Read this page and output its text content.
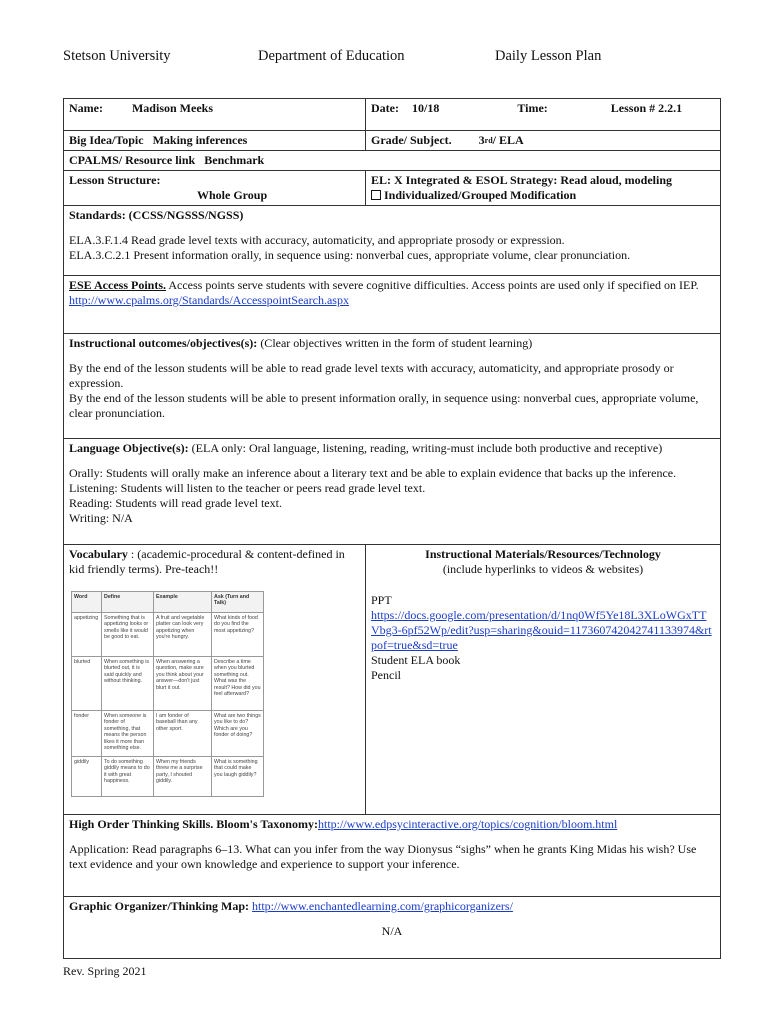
Stetson University	Department of Education	Daily Lesson Plan
Name: Madison Meeks	Date: 10/18	Time:	Lesson # 2.2.1
Big Idea/Topic Making inferences	Grade/ Subject. 3rd/ ELA
CPALMS/ Resource link Benchmark
Lesson Structure:
Whole Group	EL: X Integrated & ESOL Strategy: Read aloud, modeling
Individualized/Grouped Modification
Standards: (CCSS/NGSSS/NGSS)

ELA.3.F.1.4 Read grade level texts with accuracy, automaticity, and appropriate prosody or expression.

ELA.3.C.2.1 Present information orally, in sequence using: nonverbal cues, appropriate volume, clear pronunciation.

ESE Access Points. Access points serve students with severe cognitive difficulties. Access points are used only if specified on IEP. http://www.cpalms.org/Standards/AccesspointSearch.aspx
Instructional outcomes/objectives(s): (Clear objectives written in the form of student learning)

By the end of the lesson students will be able to read grade level texts with accuracy, automaticity, and appropriate prosody or expression.

By the end of the lesson students will be able to present information orally, in sequence using: nonverbal cues, appropriate volume, clear pronunciation.

Language Objective(s): (ELA only: Oral language, listening, reading, writing-must include both productive and receptive)

Orally: Students will orally make an inference about a literary text and be able to explain evidence that backs up the inference.

Listening: Students will listen to the teacher or peers read grade level text.

Reading: Students will read grade level text.

Writing: N/A

Vocabulary : (academic-procedural & content-defined in kid friendly terms). Pre-teach!!
Word	Define	Example	Ask (Turn and Talk)
appetizing	Something that is appetizing looks or smells like it would be good to eat.	A fruit and vegetable platter can look very appetizing when you're hungry.	What kinds of food do you find the most appetizing?
blurted	When something is blurted out, it is said quickly and without thinking.	When answering a question, make sure you think about your answer—don't just blurt it out.	Describe a time when you blurted something out. What was the result? How did you feel afterward?
fonder	When someone is fonder of something, that means the person likes it more than something else.	I am fonder of baseball than any other sport.	What are two things you like to do? Which are you fonder of doing?
giddily	To do something giddily means to do it with great happiness.	When my friends threw me a surprise party, I shouted giddily.	What is something that could make you laugh giddily?

Instructional Materials/Resources/Technology
(include hyperlinks to videos & websites)

PPT

https://docs.google.com/presentation/d/1nq0Wf5Ye18L3XLoWGxTTVbg3-6pf52Wp/edit?usp=sharing&ouid=117360742042741133974&rtpof=true&sd=true

Student ELA book

Pencil

High Order Thinking Skills. Bloom's Taxonomy:http://www.edpsycinteractive.org/topics/cognition/bloom.html

Application: Read paragraphs 6–13. What can you infer from the way Dionysus “sighs” when he grants King Midas his wish? Use text evidence and your own knowledge and experience to support your inference.

Graphic Organizer/Thinking Map: http://www.enchantedlearning.com/graphicorganizers/
N/A
Rev. Spring 2021
